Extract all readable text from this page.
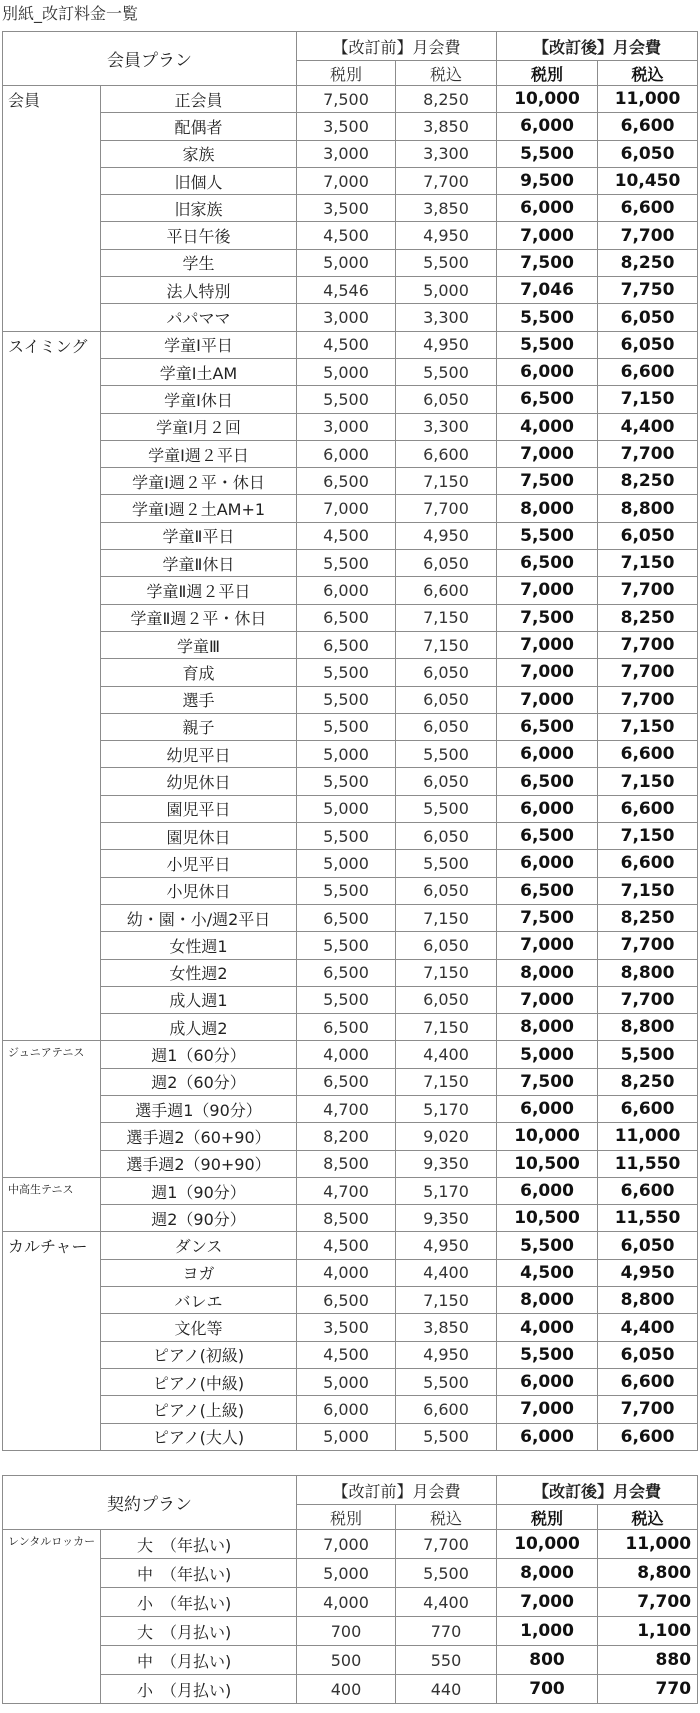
別紙_改訂料金一覧
会員プラン		【改訂前】月会費		【改訂後】月会費	
		税別	税込	税別	税込
会員	正会員	7,500	8,250	10,000	11,000
	配偶者	3,500	3,850	6,000	6,600
	家族	3,000	3,300	5,500	6,050
	旧個人	7,000	7,700	9,500	10,450
	旧家族	3,500	3,850	6,000	6,600
	平日午後	4,500	4,950	7,000	7,700
	学生	5,000	5,500	7,500	8,250
	法人特別	4,546	5,000	7,046	7,750
	パパママ	3,000	3,300	5,500	6,050
スイミング	学童Ⅰ平日	4,500	4,950	5,500	6,050
	学童Ⅰ土AM	5,000	5,500	6,000	6,600
	学童Ⅰ休日	5,500	6,050	6,500	7,150
	学童Ⅰ月２回	3,000	3,300	4,000	4,400
	学童Ⅰ週２平日	6,000	6,600	7,000	7,700
	学童Ⅰ週２平・休日	6,500	7,150	7,500	8,250
	学童Ⅰ週２土AM+1	7,000	7,700	8,000	8,800
	学童Ⅱ平日	4,500	4,950	5,500	6,050
	学童Ⅱ休日	5,500	6,050	6,500	7,150
	学童Ⅱ週２平日	6,000	6,600	7,000	7,700
	学童Ⅱ週２平・休日	6,500	7,150	7,500	8,250
	学童Ⅲ	6,500	7,150	7,000	7,700
	育成	5,500	6,050	7,000	7,700
	選手	5,500	6,050	7,000	7,700
	親子	5,500	6,050	6,500	7,150
	幼児平日	5,000	5,500	6,000	6,600
	幼児休日	5,500	6,050	6,500	7,150
	園児平日	5,000	5,500	6,000	6,600
	園児休日	5,500	6,050	6,500	7,150
	小児平日	5,000	5,500	6,000	6,600
	小児休日	5,500	6,050	6,500	7,150
	幼・園・小/週2平日	6,500	7,150	7,500	8,250
	女性週1	5,500	6,050	7,000	7,700
	女性週2	6,500	7,150	8,000	8,800
	成人週1	5,500	6,050	7,000	7,700
	成人週2	6,500	7,150	8,000	8,800
ジュニアテニス	週1（60分）	4,000	4,400	5,000	5,500
	週2（60分）	6,500	7,150	7,500	8,250
	選手週1（90分）	4,700	5,170	6,000	6,600
	選手週2（60+90）	8,200	9,020	10,000	11,000
	選手週2（90+90）	8,500	9,350	10,500	11,550
中高生テニス	週1（90分）	4,700	5,170	6,000	6,600
	週2（90分）	8,500	9,350	10,500	11,550
カルチャー	ダンス	4,500	4,950	5,500	6,050
	ヨガ	4,000	4,400	4,500	4,950
	バレエ	6,500	7,150	8,000	8,800
	文化等	3,500	3,850	4,000	4,400
	ピアノ(初級)	4,500	4,950	5,500	6,050
	ピアノ(中級)	5,000	5,500	6,000	6,600
	ピアノ(上級)	6,000	6,600	7,000	7,700
	ピアノ(大人)	5,000	5,500	6,000	6,600
契約プラン		【改訂前】月会費		【改訂後】月会費	
		税別	税込	税別	税込
レンタルロッカー	大　（年払い)	7,000	7,700	10,000	11,000
	中　（年払い)	5,000	5,500	8,000	8,800
	小　（年払い)	4,000	4,400	7,000	7,700
	大　（月払い)	700	770	1,000	1,100
	中　（月払い)	500	550	800	880
	小　（月払い)	400	440	700	770
